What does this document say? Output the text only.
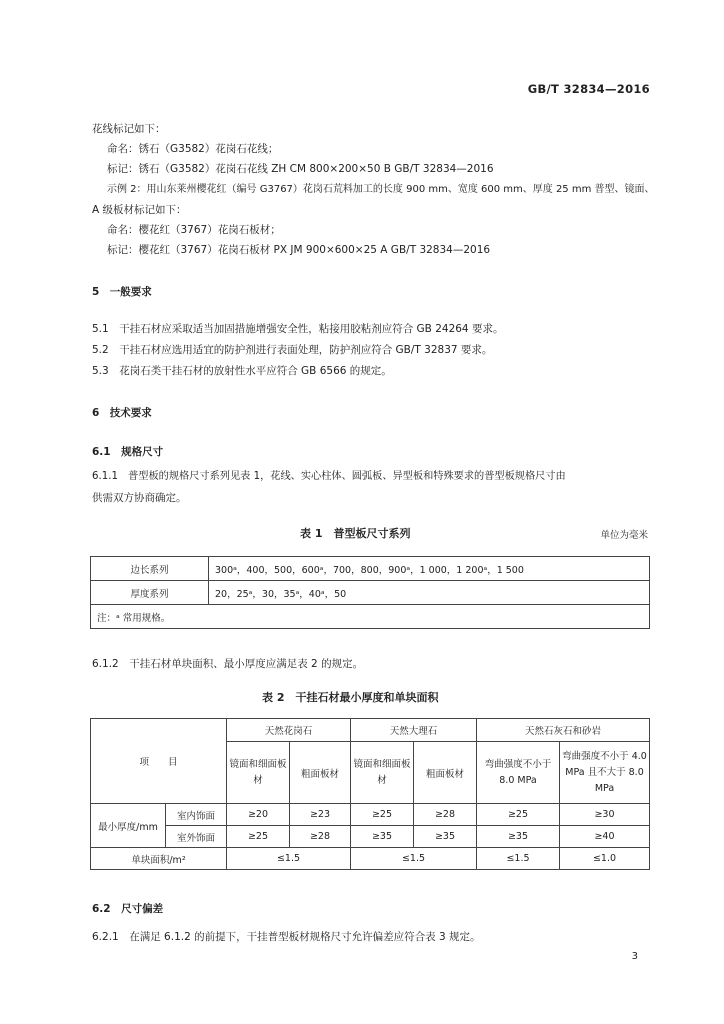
GB/T 32834—2016
花线标记如下：
命名：锈石（G3582）花岗石花线；
标记：锈石（G3582）花岗石花线 ZH CM 800×200×50 B GB/T 32834—2016
示例 2：用山东莱州樱花红（编号 G3767）花岗石荒料加工的长度 900 mm、宽度 600 mm、厚度 25 mm 普型、镜面、
A 级板材标记如下：
命名：樱花红（3767）花岗石板材；
标记：樱花红（3767）花岗石板材 PX JM 900×600×25 A GB/T 32834—2016
5　一般要求
5.1　干挂石材应采取适当加固措施增强安全性，粘接用胶粘剂应符合 GB 24264 要求。
5.2　干挂石材应选用适宜的防护剂进行表面处理，防护剂应符合 GB/T 32837 要求。
5.3　花岗石类干挂石材的放射性水平应符合 GB 6566 的规定。
6　技术要求
6.1　规格尺寸
6.1.1　普型板的规格尺寸系列见表 1，花线、实心柱体、圆弧板、异型板和特殊要求的普型板规格尺寸由
供需双方协商确定。
表 1　普型板尺寸系列	单位为毫米
边长系列	300ᵃ，400，500，600ᵃ，700，800，900ᵃ，1 000，1 200ᵃ，1 500
厚度系列	20，25ᵃ，30，35ᵃ，40ᵃ，50
注：ᵃ 常用规格。	
6.1.2　干挂石材单块面积、最小厚度应满足表 2 的规定。
表 2　干挂石材最小厚度和单块面积
项　　目		天然花岗石		天然大理石		天然石灰石和砂岩	
		镜面和细面板材	粗面板材	镜面和细面板材	粗面板材	弯曲强度不小于 8.0 MPa	弯曲强度不小于 4.0 MPa 且不大于 8.0 MPa
最小厚度/mm	室内饰面	≥20	≥23	≥25	≥28	≥25	≥30
	室外饰面	≥25	≥28	≥35	≥35	≥35	≥40
单块面积/m²		≤1.5		≤1.5		≤1.5	≤1.0
6.2　尺寸偏差
6.2.1　在满足 6.1.2 的前提下，干挂普型板材规格尺寸允许偏差应符合表 3 规定。
3
